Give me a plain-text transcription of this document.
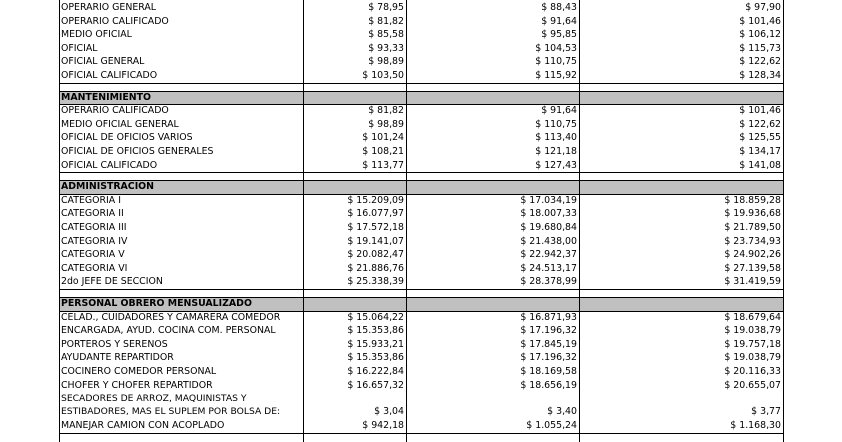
OPERARIO GENERAL	$ 78,95	$ 88,43	$ 97,90
OPERARIO CALIFICADO	$ 81,82	$ 91,64	$ 101,46
MEDIO OFICIAL	$ 85,58	$ 95,85	$ 106,12
OFICIAL	$ 93,33	$ 104,53	$ 115,73
OFICIAL GENERAL	$ 98,89	$ 110,75	$ 122,62
OFICIAL CALIFICADO	$ 103,50	$ 115,92	$ 128,34
MANTENIMIENTO
OPERARIO CALIFICADO	$ 81,82	$ 91,64	$ 101,46
MEDIO OFICIAL GENERAL	$ 98,89	$ 110,75	$ 122,62
OFICIAL DE OFICIOS VARIOS	$ 101,24	$ 113,40	$ 125,55
OFICIAL DE OFICIOS GENERALES	$ 108,21	$ 121,18	$ 134,17
OFICIAL CALIFICADO	$ 113,77	$ 127,43	$ 141,08
ADMINISTRACION
CATEGORIA I	$ 15.209,09	$ 17.034,19	$ 18.859,28
CATEGORIA II	$ 16.077,97	$ 18.007,33	$ 19.936,68
CATEGORIA III	$ 17.572,18	$ 19.680,84	$ 21.789,50
CATEGORIA IV	$ 19.141,07	$ 21.438,00	$ 23.734,93
CATEGORIA V	$ 20.082,47	$ 22.942,37	$ 24.902,26
CATEGORIA VI	$ 21.886,76	$ 24.513,17	$ 27.139,58
2do JEFE DE SECCION	$ 25.338,39	$ 28.378,99	$ 31.419,59
PERSONAL OBRERO MENSUALIZADO
CELAD., CUIDADORES Y CAMARERA COMEDOR	$ 15.064,22	$ 16.871,93	$ 18.679,64
ENCARGADA, AYUD. COCINA COM. PERSONAL	$ 15.353,86	$ 17.196,32	$ 19.038,79
PORTEROS Y SERENOS	$ 15.933,21	$ 17.845,19	$ 19.757,18
AYUDANTE REPARTIDOR	$ 15.353,86	$ 17.196,32	$ 19.038,79
COCINERO COMEDOR PERSONAL	$ 16.222,84	$ 18.169,58	$ 20.116,33
CHOFER Y CHOFER REPARTIDOR	$ 16.657,32	$ 18.656,19	$ 20.655,07
SECADORES DE ARROZ, MAQUINISTAS Y ESTIBADORES, MAS EL SUPLEM POR BOLSA DE:	$ 3,04	$ 3,40	$ 3,77
MANEJAR CAMION CON ACOPLADO	$ 942,18	$ 1.055,24	$ 1.168,30
